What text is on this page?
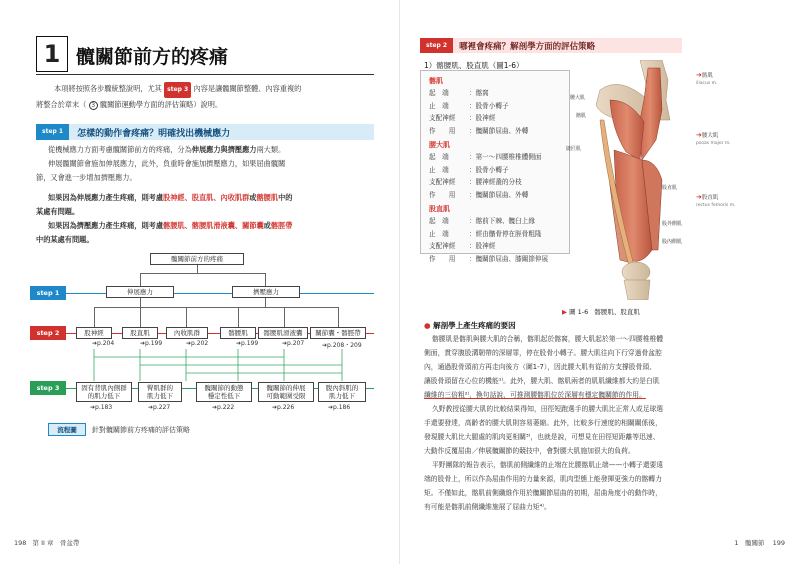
1 髖關節前方的疼痛
本項將按照各步驟統整說明，尤其 step 3 內容是讓髖關節整體、內容重複的
將整合於章末（ 3 髖關節運動學方面的評估策略）說明。
step 1	怎樣的動作會疼痛？明確找出機械應力
從機械應力方面考慮髖關節前方的疼痛，分為伸展應力與擠壓應力兩大類。
伸展髖關節會施加伸展應力，此外，負重時會施加擠壓應力，如果屈曲髖關
節，又會進一步增加擠壓應力。
如果因為伸展應力產生疼痛，則考慮股神經、股直肌、內收肌群或髂腰肌中的
某處有問題。
如果因為擠壓應力產生疼痛，則考慮髂腰肌、髂腰肌滑液囊、關節囊或髂脛帶
中的某處有問題。
髖關節前方的疼痛
step 1	伸展應力	擠壓應力
step 2	股神經	股直肌	內收肌群	髂腰肌	髂腰肌滑液囊	關節囊・髂脛帶
➔p.204	➔p.199	➔p.202	➔p.199	➔p.207	➔p.208・209
step 3	固有背肌內側群
的肌力低下
臀肌群的
肌力低下
髖關節的動態
穩定性低下
髖關節的伸展
可動範圍受限
腹內斜肌的
肌力低下
➔p.183	➔p.227	➔p.222	➔p.226	➔p.186
流程圖	針對髖關節前方疼痛的評估策略
198 第 II 章　骨盆帶
step 2	哪裡會疼痛？解剖學方面的評估策略
1）髂腰肌、股直肌（圖1-6）
髂肌
起　端	：髂窩
止　端	：股骨小轉子
支配神經	：股神經
作　　用	：髖關節屈曲、外轉
腰大肌
起　端	：第一～四腰椎椎體側面
止　端	：股骨小轉子
支配神經	：腰神經叢的分枝
作　　用	：髖關節屈曲、外轉
股直肌
起　端	：髂前下棘、髖臼上緣
止　端	：經由髕骨停在脛骨粗隆
支配神經	：股神經
作　　用	：髖關節屈曲、膝關節伸展
腰大肌
髂肌
縫匠肌
股直肌
股外側肌
股內側肌
▶ 圖 1-6 髂腰肌、股直肌
➔髂肌
iliacus m.
➔腰大肌
psoas major m.
➔股直肌
rectus femoris m.
● 解剖學上產生疼痛的要因
髂腰肌是髂肌與腰大肌的合稱，髂肌起於髂窩，腰大肌起於第一～四腰椎椎體
側面，貫穿腹股溝韌帶的深層罪，停在股骨小轉子。腰大肌往向下行穿過骨盆腔
內，通過股骨頭前方再走向後方（圖1-7），因此腰大肌有從前方支撐股骨頭、
讓股骨頭留在心位的機能¹⁾。此外，腰大肌、髂肌兩者的肌肌纖維都大約是白肌
纖維的三倍粗²⁾，換句話說，可推測腰髂肌位於深層有穩定髖關節的作用。
久野教授從腰大肌的比較結果得知，田徑短跑選手的腰大肌比正常人或足球選
手還要發達，高齡者的腰大肌則容易萎縮。此外，比較多行速度的相關關係後，
發現腰大肌比大腿處的肌肉更相關³⁾，也就是說，可想見在田徑短距離等迅速、
大動作反覆屈曲／伸展髖關節的競技中，會對腰大肌施加很大的負荷。
平野團隊的報告表示，髂肌前側纖維的止端在比腰髂肌止端——小轉子還要遠
端的股骨上，所以作為屈曲作用的力量來源，肌肉型態上能發揮更強力的髂轉力
矩。不僅如此，髂肌前側纖維作用於髖關節屈曲的初期，屈曲角度小的動作時，
有可能是髂肌前側纖維施展了屈曲力矩⁴⁾。
1　髖關節 199
